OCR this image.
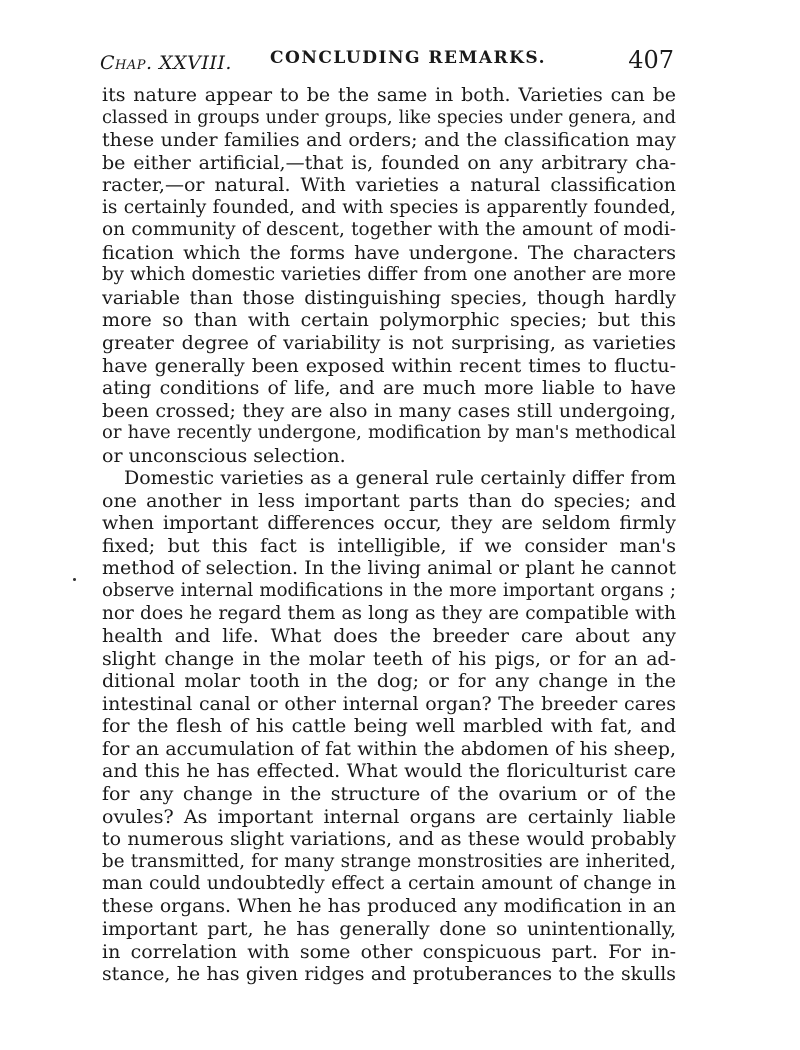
Chap. XXVIII. CONCLUDING REMARKS.	407
its nature appear to be the same in both. Varieties can be
classed in groups under groups, like species under genera, and
these under families and orders; and the classification may
be either artificial,—that is, founded on any arbitrary cha-
racter,—or natural. With varieties a natural classification
is certainly founded, and with species is apparently founded,
on community of descent, together with the amount of modi-
fication which the forms have undergone. The characters
by which domestic varieties differ from one another are more
variable than those distinguishing species, though hardly
more so than with certain polymorphic species; but this
greater degree of variability is not surprising, as varieties
have generally been exposed within recent times to fluctu-
ating conditions of life, and are much more liable to have
been crossed; they are also in many cases still undergoing,
or have recently undergone, modification by man's methodical
or unconscious selection.
Domestic varieties as a general rule certainly differ from
one another in less important parts than do species; and
when important differences occur, they are seldom firmly
fixed; but this fact is intelligible, if we consider man's
method of selection. In the living animal or plant he cannot
observe internal modifications in the more important organs ;
nor does he regard them as long as they are compatible with
health and life. What does the breeder care about any
slight change in the molar teeth of his pigs, or for an ad-
ditional molar tooth in the dog; or for any change in the
intestinal canal or other internal organ? The breeder cares
for the flesh of his cattle being well marbled with fat, and
for an accumulation of fat within the abdomen of his sheep,
and this he has effected. What would the floriculturist care
for any change in the structure of the ovarium or of the
ovules? As important internal organs are certainly liable
to numerous slight variations, and as these would probably
be transmitted, for many strange monstrosities are inherited,
man could undoubtedly effect a certain amount of change in
these organs. When he has produced any modification in an
important part, he has generally done so unintentionally,
in correlation with some other conspicuous part. For in-
stance, he has given ridges and protuberances to the skulls
